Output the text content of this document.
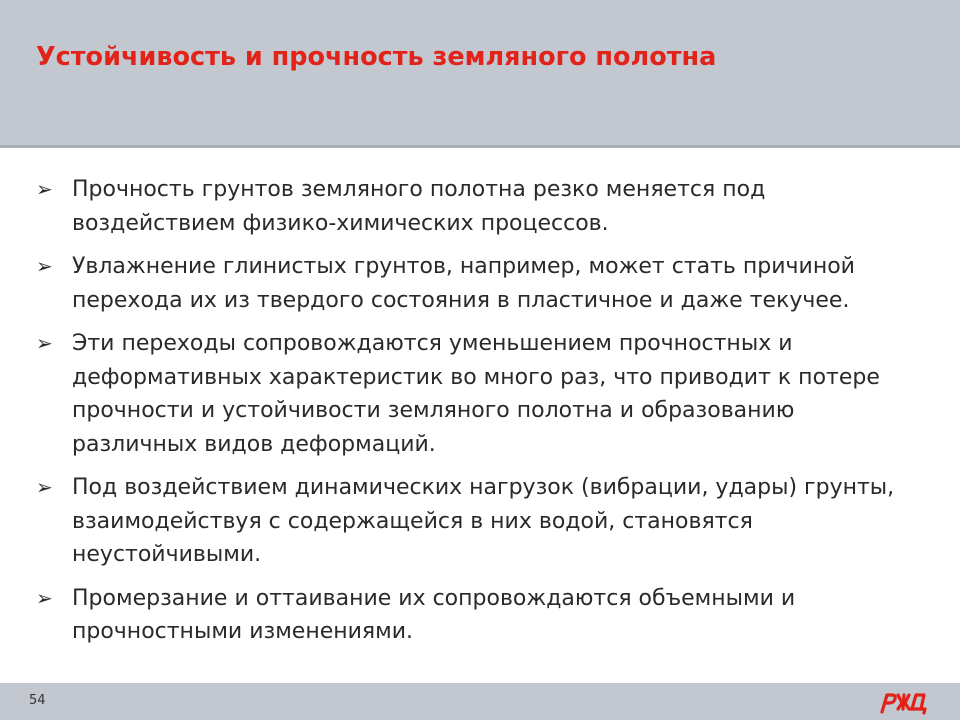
Устойчивость и прочность земляного полотна
➢ Прочность грунтов земляного полотна резко меняется под воздействием физико-химических процессов.
➢ Увлажнение глинистых грунтов, например, может стать причиной перехода их из твердого состояния в пластичное и даже текучее.
➢ Эти переходы сопровождаются уменьшением прочностных и деформативных характеристик во много раз, что приводит к потере прочности и устойчивости земляного полотна и образованию различных видов деформаций.
➢ Под воздействием динамических нагрузок (вибрации, удары) грунты, взаимодействуя с содержащейся в них водой, становятся неустойчивыми.
➢ Промерзание и оттаивание их сопровождаются объемными и прочностными изменениями.
54
